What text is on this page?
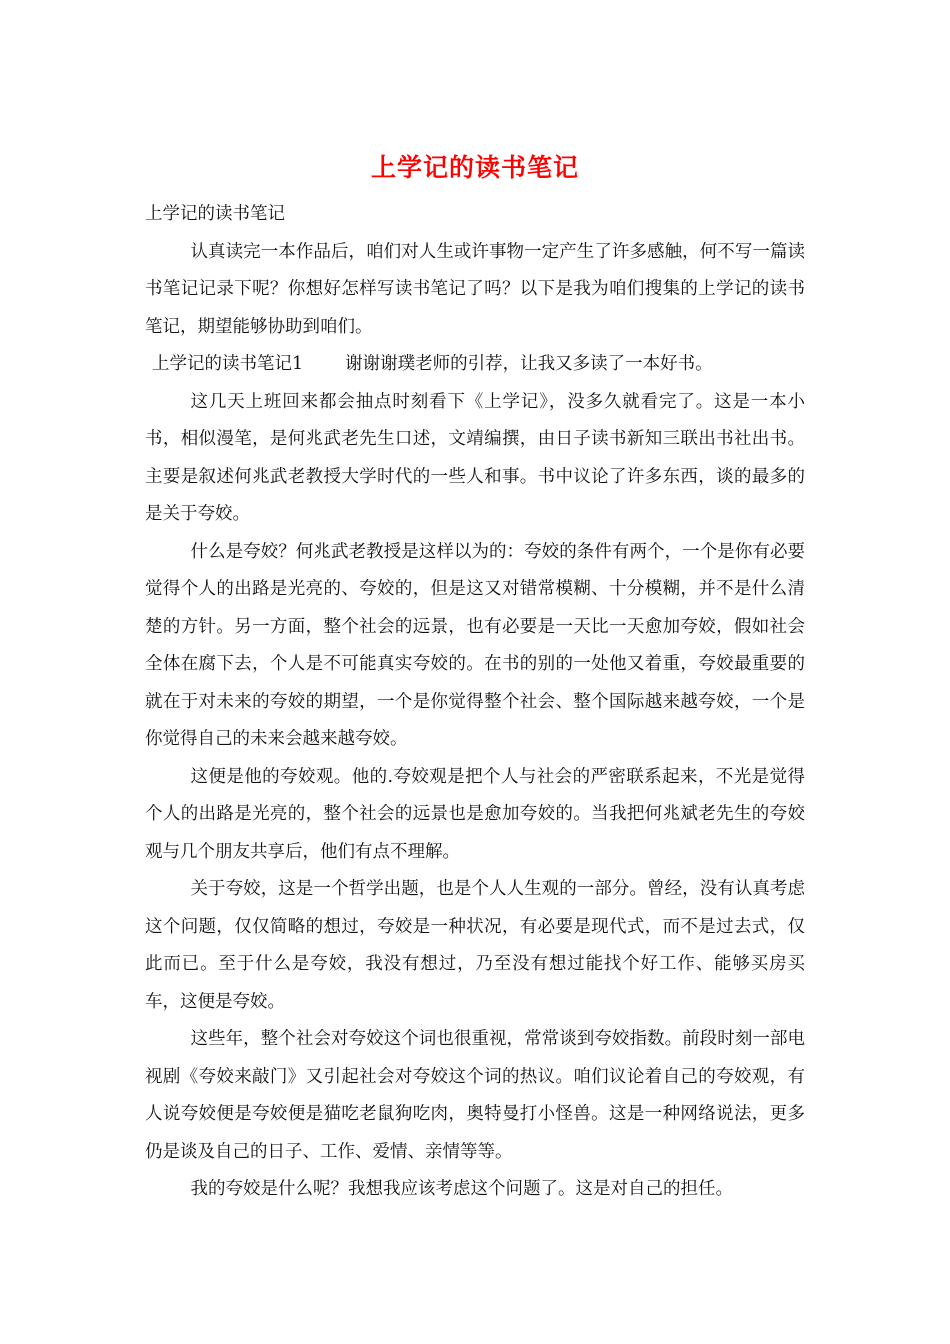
上学记的读书笔记

上学记的读书笔记

认真读完一本作品后，咱们对人生或许事物一定产生了许多感触，何不写一篇读书笔记记录下呢？你想好怎样写读书笔记了吗？以下是我为咱们搜集的上学记的读书笔记，期望能够协助到咱们。

上学记的读书笔记1 谢谢谢璞老师的引荐，让我又多读了一本好书。

这几天上班回来都会抽点时刻看下《上学记》，没多久就看完了。这是一本小书，相似漫笔，是何兆武老先生口述，文靖编撰，由日子读书新知三联出书社出书。主要是叙述何兆武老教授大学时代的一些人和事。书中议论了许多东西，谈的最多的是关于夸姣。

什么是夸姣？何兆武老教授是这样以为的：夸姣的条件有两个，一个是你有必要觉得个人的出路是光亮的、夸姣的，但是这又对错常模糊、十分模糊，并不是什么清楚的方针。另一方面，整个社会的远景，也有必要是一天比一天愈加夸姣，假如社会全体在腐下去，个人是不可能真实夸姣的。在书的别的一处他又着重，夸姣最重要的就在于对未来的夸姣的期望，一个是你觉得整个社会、整个国际越来越夸姣，一个是你觉得自己的未来会越来越夸姣。

这便是他的夸姣观。他的.夸姣观是把个人与社会的严密联系起来，不光是觉得个人的出路是光亮的，整个社会的远景也是愈加夸姣的。当我把何兆斌老先生的夸姣观与几个朋友共享后，他们有点不理解。

关于夸姣，这是一个哲学出题，也是个人人生观的一部分。曾经，没有认真考虑这个问题，仅仅简略的想过，夸姣是一种状况，有必要是现代式，而不是过去式，仅此而已。至于什么是夸姣，我没有想过，乃至没有想过能找个好工作、能够买房买车，这便是夸姣。

这些年，整个社会对夸姣这个词也很重视，常常谈到夸姣指数。前段时刻一部电视剧《夸姣来敲门》又引起社会对夸姣这个词的热议。咱们议论着自己的夸姣观，有人说夸姣便是夸姣便是猫吃老鼠狗吃肉，奥特曼打小怪兽。这是一种网络说法，更多仍是谈及自己的日子、工作、爱情、亲情等等。

我的夸姣是什么呢？我想我应该考虑这个问题了。这是对自己的担任。
